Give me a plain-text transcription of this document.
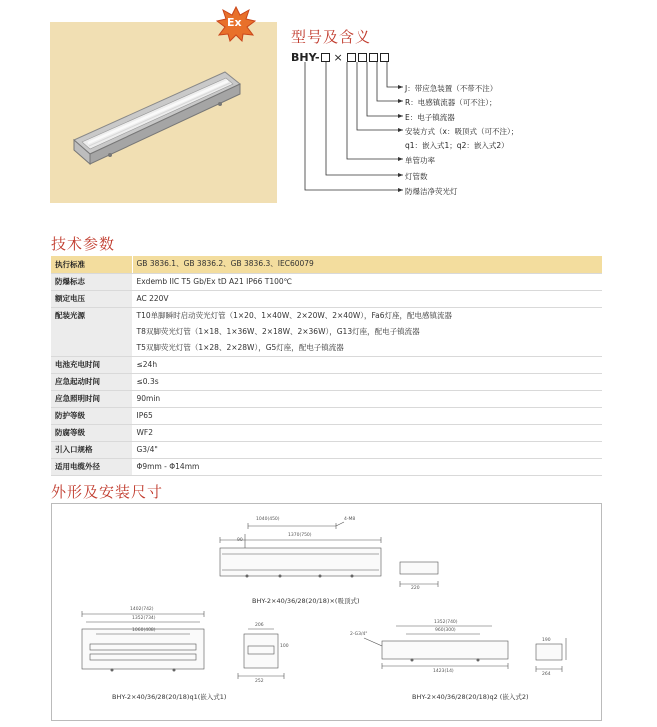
Ex
型号及含义
BHY- ×
J：带应急装置（不带不注）
R：电感镇流器（可不注）；
E：电子镇流器
安装方式（x：吸顶式（可不注）；
q1：嵌入式1；q2：嵌入式2）
单管功率
灯管数
防爆洁净荧光灯
技术参数
执行标准	GB 3836.1、GB 3836.2、GB 3836.3、IEC60079

防爆标志	Exdemb IIC T5 Gb/Ex tD A21 IP66 T100℃

额定电压	AC 220V

配装光源	T10单脚瞬时启动荧光灯管（1×20、1×40W、2×20W、2×40W），Fa6灯座，配电感镇流器
T8双脚荧光灯管（1×18、1×36W、2×18W、2×36W），G13灯座，配电子镇流器
T5双脚荧光灯管（1×28、2×28W），G5灯座，配电子镇流器

电池充电时间	≤24h

应急起动时间	≤0.3s

应急照明时间	90min

防护等级	IP65

防腐等级	WF2

引入口规格	G3/4"

适用电缆外径	Φ9mm - Φ14mm
外形及安装尺寸
1040(450)	4-M8
1370(750)
90
220
1402(742)
1352(734)
1060(408)
206
100
252
2-G3/4"
1352(740)
960(300)
1423(14)
190
264
BHY-2×40/36/28(20/18)×(吸顶式)
BHY-2×40/36/28(20/18)q1(嵌入式1)	BHY-2×40/36/28(20/18)q2 (嵌入式2)
